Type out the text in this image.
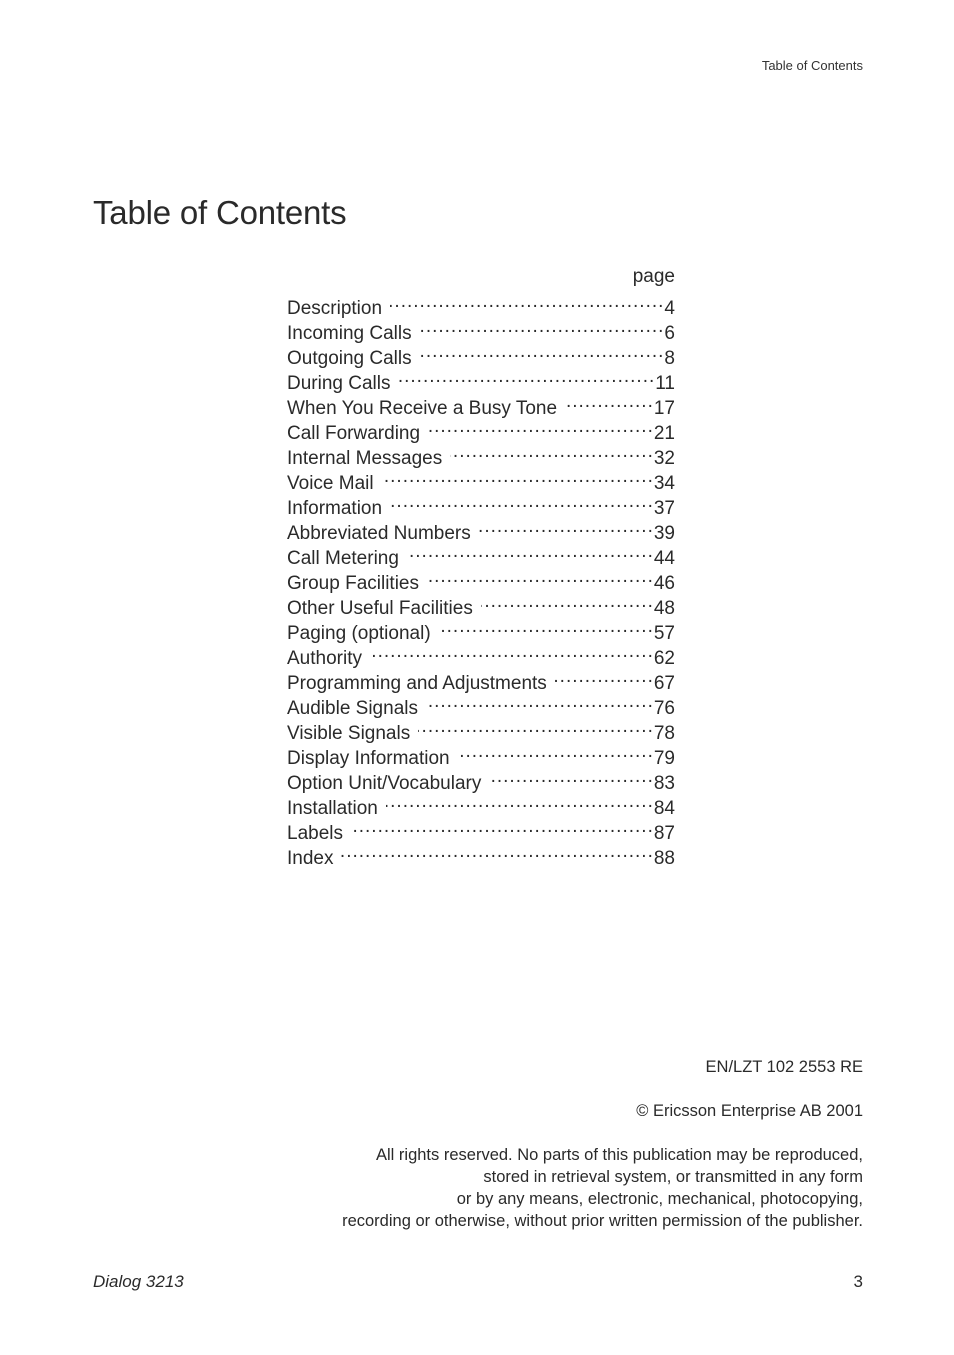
Table of Contents
Table of Contents
page
Description .....	4
Incoming Calls .....	6
Outgoing Calls .....	8
During Calls .....	11
When You Receive a Busy Tone .....	17
Call Forwarding .....	21
Internal Messages .....	32
Voice Mail .....	34
Information .....	37
Abbreviated Numbers .....	39
Call Metering .....	44
Group Facilities .....	46
Other Useful Facilities .....	48
Paging (optional) .....	57
Authority .....	62
Programming and Adjustments .....	67
Audible Signals .....	76
Visible Signals .....	78
Display Information .....	79
Option Unit/Vocabulary .....	83
Installation .....	84
Labels .....	87
Index .....	88
EN/LZT 102 2553 RE
© Ericsson Enterprise AB 2001
All rights reserved. No parts of this publication may be reproduced,
stored in retrieval system, or transmitted in any form
or by any means, electronic, mechanical, photocopying,
recording or otherwise, without prior written permission of the publisher.
Dialog 3213	3
